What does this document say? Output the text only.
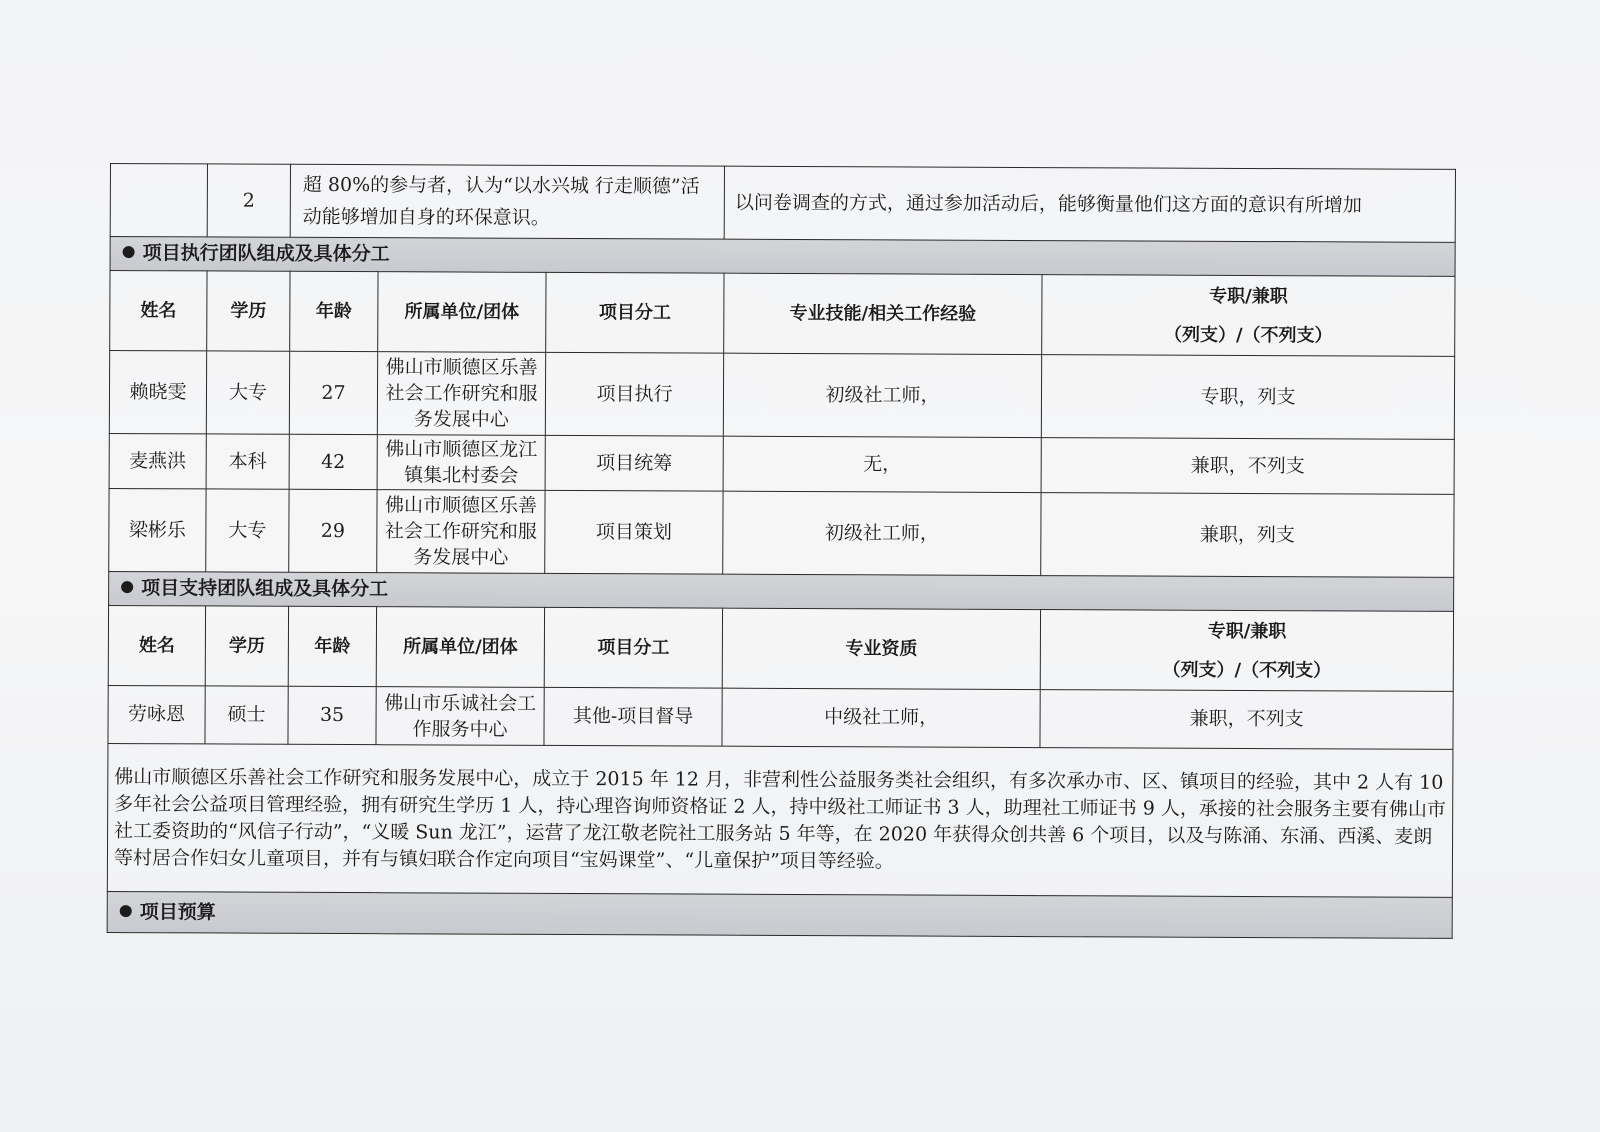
	2	超 80%的参与者，认为“以水兴城 行走顺德”活动能够增加自身的环保意识。			以问卷调查的方式，通过参加活动后，能够衡量他们这方面的意识有所增加	
项目执行团队组成及具体分工						
姓名	学历	年龄	所属单位/团体	项目分工	专业技能/相关工作经验	专职/兼职
（列支）/（不列支）

赖晓雯	大专	27	佛山市顺德区乐善社会工作研究和服务发展中心	项目执行	初级社工师，	专职，列支
麦燕洪	本科	42	佛山市顺德区龙江镇集北村委会	项目统筹	无，	兼职，不列支
梁彬乐	大专	29	佛山市顺德区乐善社会工作研究和服务发展中心	项目策划	初级社工师，	兼职，列支
项目支持团队组成及具体分工						
姓名	学历	年龄	所属单位/团体	项目分工	专业资质	专职/兼职
（列支）/（不列支）

劳咏恩	硕士	35	佛山市乐诚社会工作服务中心	其他-项目督导	中级社工师，	兼职，不列支

佛山市顺德区乐善社会工作研究和服务发展中心，成立于 2015 年 12 月，非营利性公益服务类社会组织，有多次承办市、区、镇项目的经验，其中 2 人有 10 多年社会公益项目管理经验，拥有研究生学历 1 人，持心理咨询师资格证 2 人，持中级社工师证书 3 人，助理社工师证书 9 人，承接的社会服务主要有佛山市社工委资助的“风信子行动”，“义暖 Sun 龙江”，运营了龙江敬老院社工服务站 5 年等，在 2020 年获得众创共善 6 个项目，以及与陈涌、东涌、西溪、麦朗等村居合作妇女儿童项目，并有与镇妇联合作定向项目“宝妈课堂”、“儿童保护”项目等经验。						

项目预算						
